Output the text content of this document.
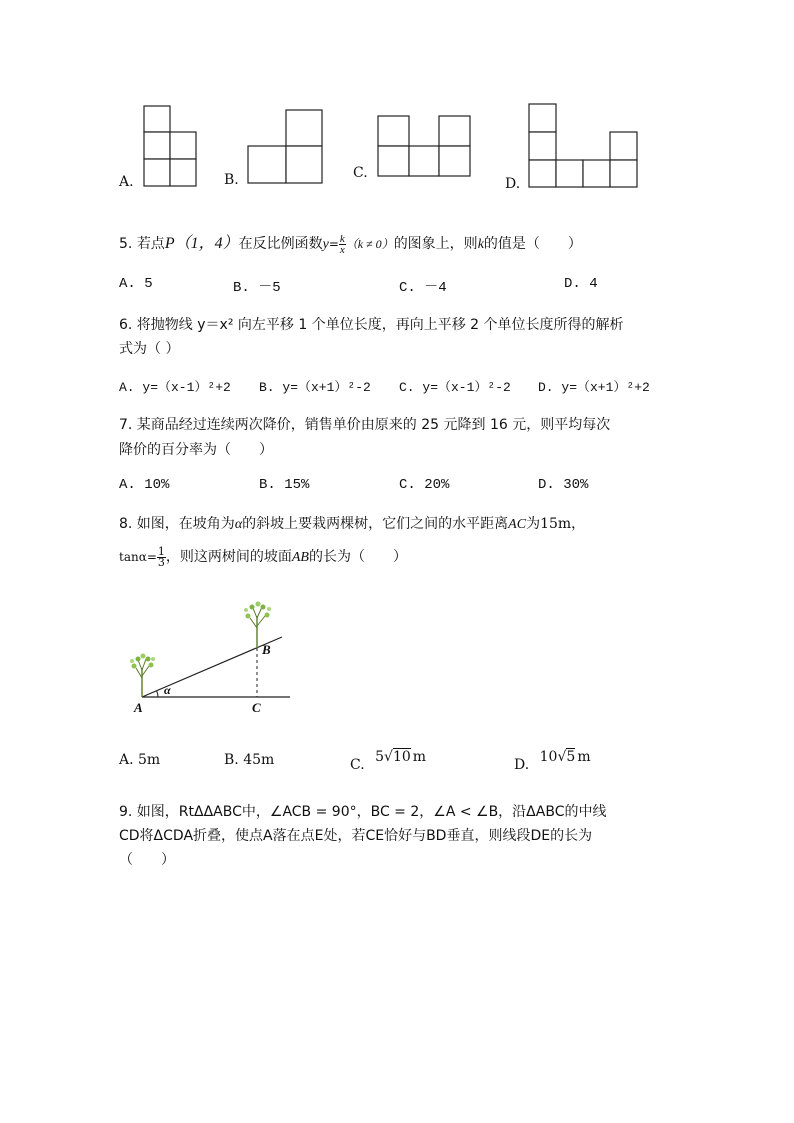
A.	B.	C.
D.
5. 若点P（1，4）在反比例函数$y= \frac{k}{x} (k \ne 0)$的图象上，则k的值是（　　）
A. 5	B. －5	C. －4	D. 4
6. 将抛物线 y＝x² 向左平移 1 个单位长度，再向上平移 2 个单位长度所得的解析
式为（ ）
A. y=（x-1）²+2 B. y=（x+1）²-2 C. y=（x-1）²-2 D. y=（x+1）²+2
7. 某商品经过连续两次降价，销售单价由原来的 25 元降到 16 元，则平均每次
降价的百分率为（　　）
A. 10%	B. 15%	C. 20%	D. 30%
8. 如图，在坡角为α的斜坡上要栽两棵树，它们之间的水平距离AC为15m，
$\tan\alpha= \frac{1}{3}$ ，则这两树间的坡面AB的长为（　　）
A
B
C
α
A. 5m	B. 45m	C. 5√10 m	D. 10√5 m
9. 如图，RtΔΔABC中，∠ACB = 90°，BC = 2，∠A < ∠B，沿ΔABC的中线
CD将ΔCDA折叠，使点A落在点E处，若CE恰好与BD垂直，则线段DE的长为
（　　）
